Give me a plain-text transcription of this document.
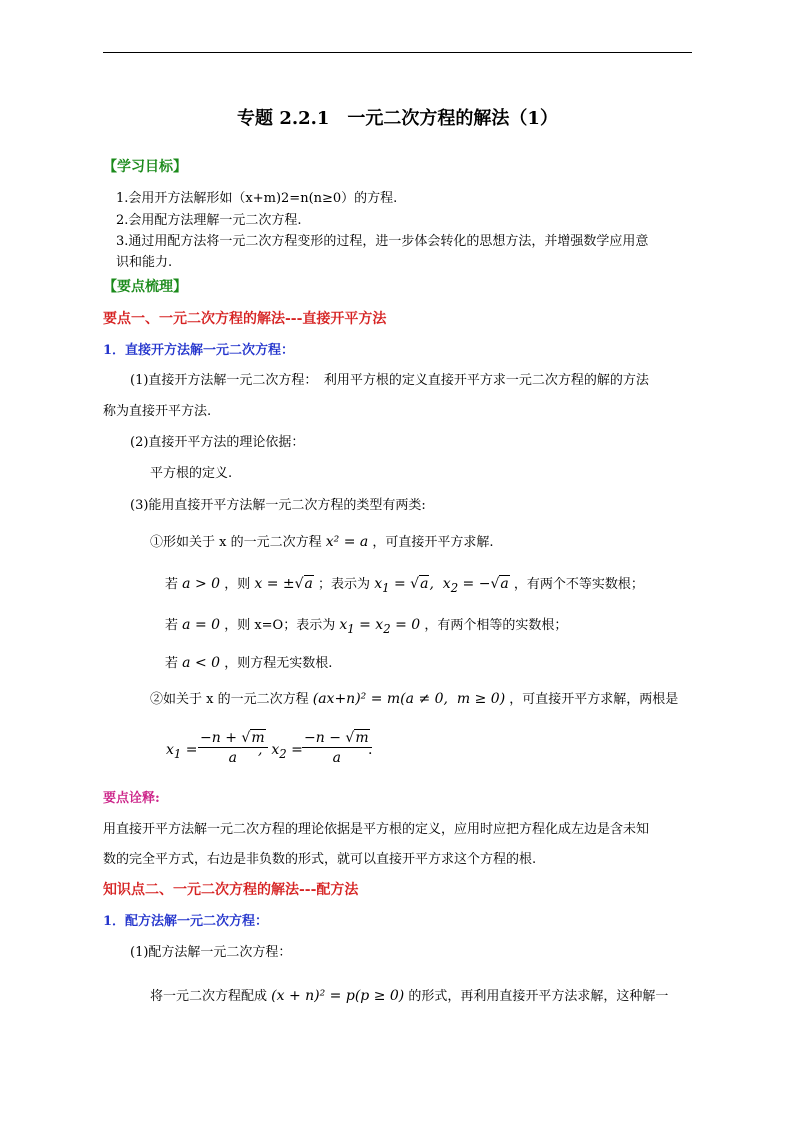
专题 2.2.1　一元二次方程的解法（1）
【学习目标】
1.会用开方法解形如（x+m)2=n(n≥0）的方程.
2.会用配方法理解一元二次方程.
3.通过用配方法将一元二次方程变形的过程，进一步体会转化的思想方法，并增强数学应用意
识和能力.
【要点梳理】
要点一、一元二次方程的解法---直接开平方法
1．直接开方法解一元二次方程：
(1)直接开方法解一元二次方程：　利用平方根的定义直接开平方求一元二次方程的解的方法
称为直接开平方法.
(2)直接开平方法的理论依据：
平方根的定义.
(3)能用直接开平方法解一元二次方程的类型有两类:
①形如关于 x 的一元二次方程 x² = a ，可直接开平方求解.
若 a > 0 ，则 x = ±√a ；表示为 $x_1 = √a$,  $x_2 = -√a$ ，有两个不等实数根；
若 a = 0 ，则 x=O；表示为 $x_1 = x_2 = 0$ ，有两个相等的实数根；
若 a < 0 ，则方程无实数根.
②如关于 x 的一元二次方程 (ax+n)² = m(a ≠ 0,  m ≥ 0) ，可直接开平方求解，两根是
$x_1 = \frac{-n + √m}{a}$
,  $x_2 = \frac{-n - √m}{a}$
.
要点诠释:
用直接开平方法解一元二次方程的理论依据是平方根的定义，应用时应把方程化成左边是含未知
数的完全平方式，右边是非负数的形式，就可以直接开平方求这个方程的根.
知识点二、一元二次方程的解法---配方法
1．配方法解一元二次方程：
(1)配方法解一元二次方程：
将一元二次方程配成 (x + n)² = p(p ≥ 0) 的形式，再利用直接开平方法求解，这种解一
